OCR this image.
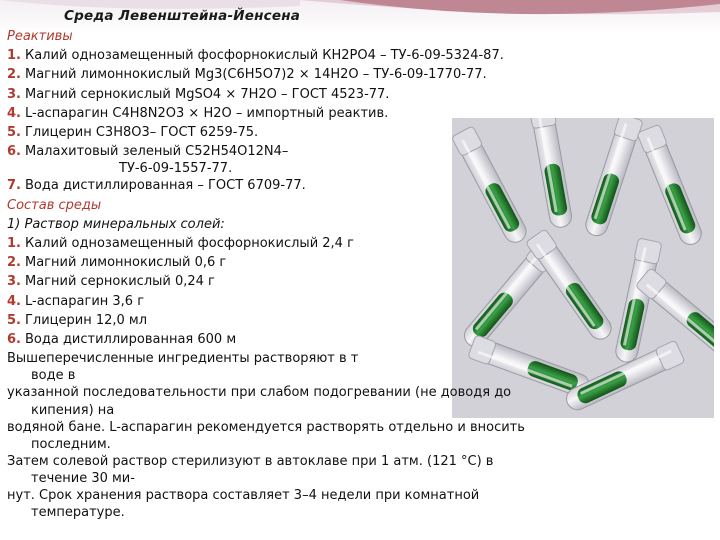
Среда Левенштейна-Йенсена
Реактивы
1. Калий однозамещенный фосфорнокислый КН2РО4 – ТУ-6-09-5324-87.
2. Магний лимоннокислый Mg3(C6H5O7)2 × 14H2O – ТУ-6-09-1770-77.
3. Магний сернокислый MgSO4 × 7H2O – ГОСТ 4523-77.
4. L-аспарагин С4Н8N2О3 × Н2О – импортный реактив.
5. Глицерин С3Н8О3– ГОСТ 6259-75.
6. Малахитовый зеленый C52H54O12N4–
ТУ-6-09-1557-77.
7. Вода дистиллированная – ГОСТ 6709-77.
Состав среды
1) Раствор минеральных солей:
1. Калий однозамещенный фосфорнокислый 2,4 г
2. Магний лимоннокислый 0,6 г
3. Магний сернокислый 0,24 г
4. L-аспарагин 3,6 г
5. Глицерин 12,0 мл
6. Вода дистиллированная 600 м
Вышеперечисленные ингредиенты растворяют в т
воде в
указанной последовательности при слабом подогревании (не доводя до
кипения) на
водяной бане. L-аспарагин рекомендуется растворять отдельно и вносить
последним.
Затем солевой раствор стерилизуют в автоклаве при 1 атм. (121 °С) в
течение 30 ми-
нут. Срок хранения раствора составляет 3–4 недели при комнатной
температуре.
